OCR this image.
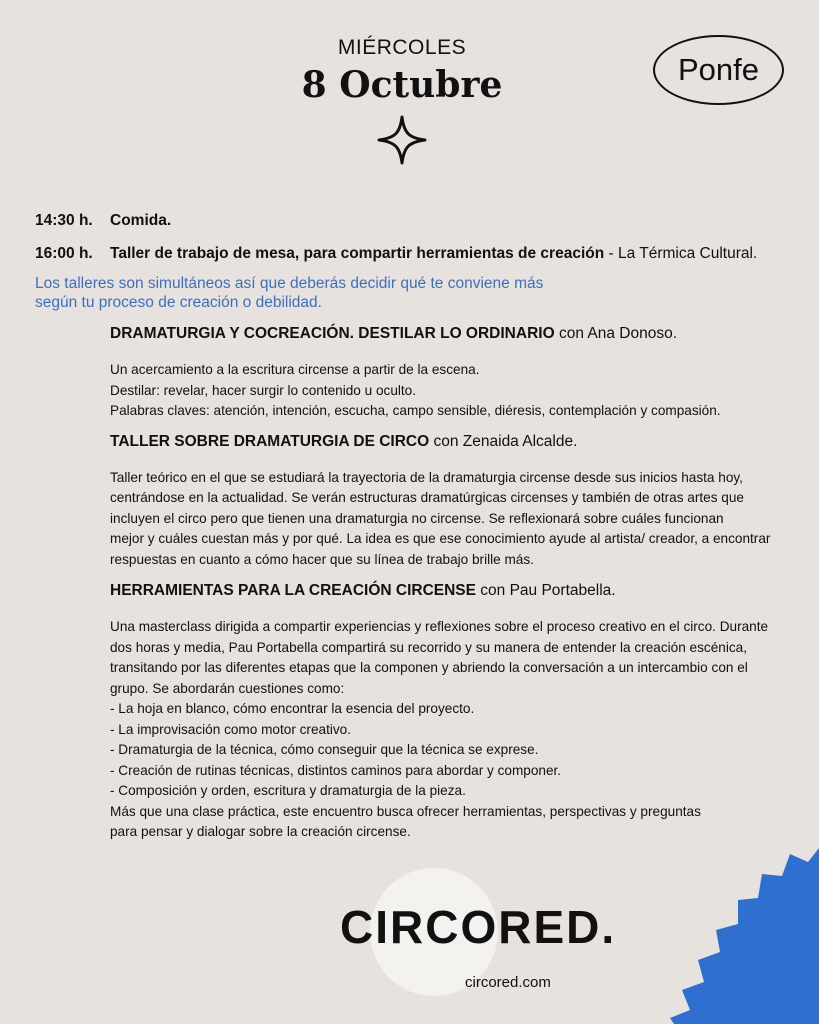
MIÉRCOLES
8 Octubre	Ponfe
14:30 h. Comida.
16:00 h. Taller de trabajo de mesa, para compartir herramientas de creación - La Térmica Cultural.
Los talleres son simultáneos así que deberás decidir qué te conviene más
según tu proceso de creación o debilidad.
DRAMATURGIA Y COCREACIÓN. DESTILAR LO ORDINARIO con Ana Donoso.
Un acercamiento a la escritura circense a partir de la escena.
Destilar: revelar, hacer surgir lo contenido u oculto.
Palabras claves: atención, intención, escucha, campo sensible, diéresis, contemplación y compasión.
TALLER SOBRE DRAMATURGIA DE CIRCO con Zenaida Alcalde.
Taller teórico en el que se estudiará la trayectoria de la dramaturgia circense desde sus inicios hasta hoy,
centrándose en la actualidad. Se verán estructuras dramatúrgicas circenses y también de otras artes que
incluyen el circo pero que tienen una dramaturgia no circense. Se reflexionará sobre cuáles funcionan
mejor y cuáles cuestan más y por qué. La idea es que ese conocimiento ayude al artista/ creador, a encontrar
respuestas en cuanto a cómo hacer que su línea de trabajo brille más.
HERRAMIENTAS PARA LA CREACIÓN CIRCENSE con Pau Portabella.
Una masterclass dirigida a compartir experiencias y reflexiones sobre el proceso creativo en el circo. Durante
dos horas y media, Pau Portabella compartirá su recorrido y su manera de entender la creación escénica,
transitando por las diferentes etapas que la componen y abriendo la conversación a un intercambio con el
grupo. Se abordarán cuestiones como:
- La hoja en blanco, cómo encontrar la esencia del proyecto.
- La improvisación como motor creativo.
- Dramaturgia de la técnica, cómo conseguir que la técnica se exprese.
- Creación de rutinas técnicas, distintos caminos para abordar y componer.
- Composición y orden, escritura y dramaturgia de la pieza.
Más que una clase práctica, este encuentro busca ofrecer herramientas, perspectivas y preguntas
para pensar y dialogar sobre la creación circense.
CIRCORED.
circored.com
